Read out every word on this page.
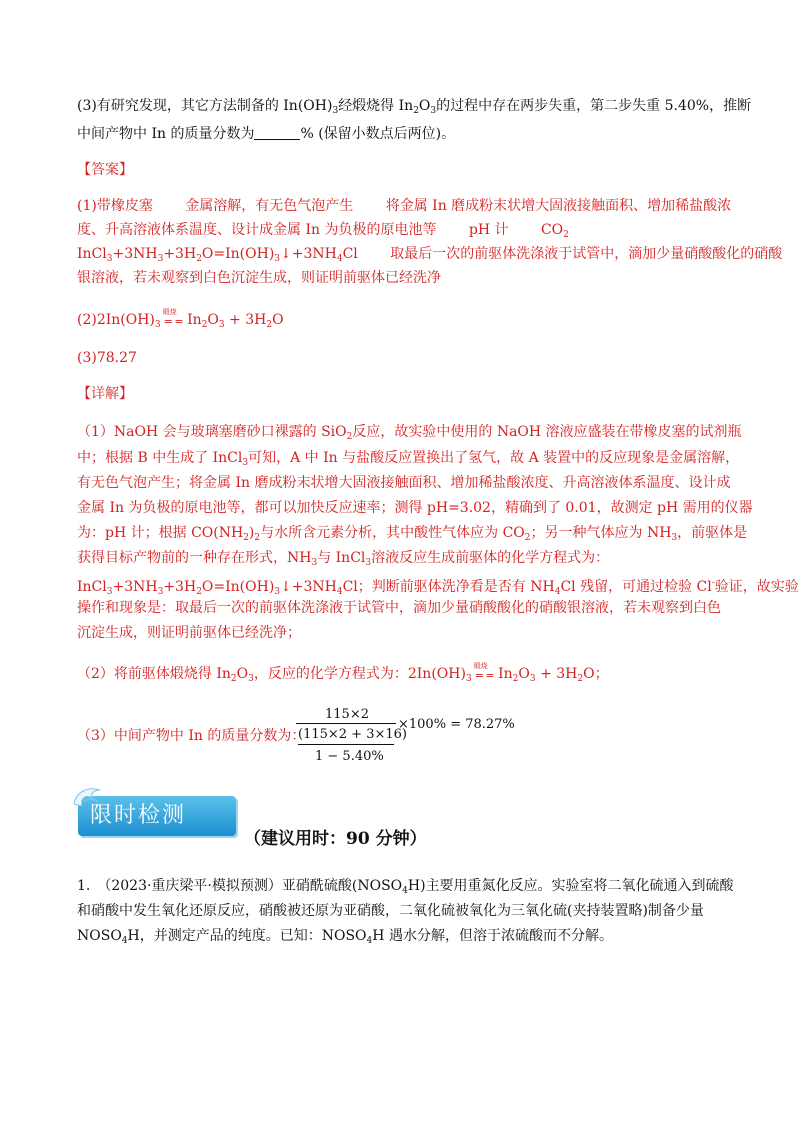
(3)有研究发现，其它方法制备的 $In(OH)_3$经煅烧得 $In_2O_3$的过程中存在两步失重，第二步失重 5.40%，推断
中间产物中 In 的质量分数为	% (保留小数点后两位)。
【答案】
(1)带橡皮塞　　 金属溶解，有无色气泡产生　　 将金属 In 磨成粉末状增大固液接触面积、增加稀盐酸浓
度、升高溶液体系温度、设计成金属 In 为负极的原电池等　　 pH 计　　 $CO_2$
$InCl_3+3NH_3+3H_2O=In(OH)_3↓+3NH_4Cl$　　 取最后一次的前驱体洗涤液于试管中，滴加少量硝酸酸化的硝酸
银溶液，若未观察到白色沉淀生成，则证明前驱体已经洗净
$(2)2In(OH)_3$
煅烧
= = $In_2O_3 + 3H_2O$
(3)78.27
【详解】
（1）NaOH 会与玻璃塞磨砂口裸露的 SiO$_2$反应，故实验中使用的 NaOH 溶液应盛装在带橡皮塞的试剂瓶
中；根据 B 中生成了 InCl$_3$可知，A 中 In 与盐酸反应置换出了氢气，故 A 装置中的反应现象是金属溶解，
有无色气泡产生；将金属 In 磨成粉末状增大固液接触面积、增加稀盐酸浓度、升高溶液体系温度、设计成
金属 In 为负极的原电池等，都可以加快反应速率；测得 pH=3.02，精确到了 0.01，故测定 pH 需用的仪器
为：pH 计；根据 $CO(NH_2)_2$与水所含元素分析，其中酸性气体应为 $CO_2$；另一种气体应为 $NH_3$，前驱体是
获得目标产物前的一种存在形式，$NH_3$与 InCl$_3$溶液反应生成前驱体的化学方程式为：
$InCl_3+3NH_3+3H_2O=In(OH)_3↓+3NH_4Cl$；判断前驱体洗净看是否有 $NH_4Cl$ 残留，可通过检验 Cl-验证，故实验
操作和现象是：取最后一次的前驱体洗涤液于试管中，滴加少量硝酸酸化的硝酸银溶液，若未观察到白色
沉淀生成，则证明前驱体已经洗净；
（2）将前驱体煅烧得 $In_2O_3$，反应的化学方程式为：$2In(OH)_3$
煅烧
= = $In_2O_3 + 3H_2O$；
（3）中间产物中 In 的质量分数为：
115×2
(115×2 + 3×16)
1 − 5.40%
×100% = 78.27%
限时检测
（建议用时：90 分钟）
1.　（2023·重庆梁平·模拟预测）亚硝酰硫酸$(NOSO_4H)$主要用重氮化反应。实验室将二氧化硫通入到硫酸
和硝酸中发生氧化还原反应，硝酸被还原为亚硝酸，二氧化硫被氧化为三氧化硫(夹持装置略)制备少量
$NOSO_4H$，并测定产品的纯度。已知：$NOSO_4H$ 遇水分解，但溶于浓硫酸而不分解。
